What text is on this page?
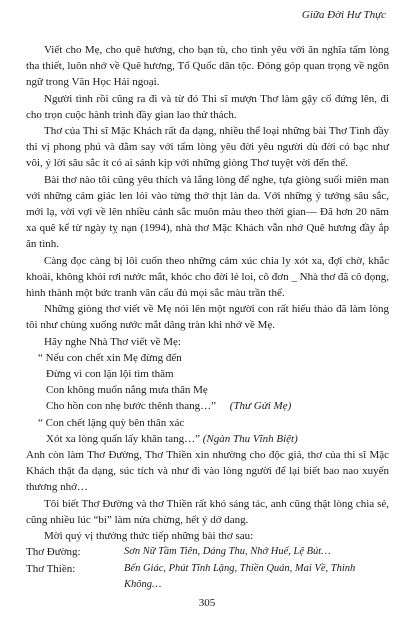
Giữa Đời Hư Thực

Viết cho Mẹ, cho quê hương, cho bạn tù, cho tình yêu với ân nghĩa tấm lòng tha thiết, luôn nhớ về Quê hương, Tổ Quốc dân tộc. Đóng góp quan trọng về ngôn ngữ trong Văn Học Hải ngoại.

Người tình rồi cũng ra đi và từ đó Thi sĩ mượn Thơ làm gậy cố đứng lên, đi cho trọn cuộc hành trình đầy gian lao thử thách.

Thơ của Thi sĩ Mặc Khách rất đa dạng, nhiều thể loại những bài Thơ Tình đầy thi vị phong phú và đằm say với tấm lòng yêu đời yêu người dù đời có bạc như vôi, ý lời sâu sắc ít có ai sánh kịp với những giòng Thơ tuyệt vời đến thế.

Bài thơ nào tôi cũng yêu thích và lắng lòng để nghe, tựa giòng suối miên man với những cảm giác len lỏi vào từng thớ thịt làn da. Với những ý tưởng sâu sắc, mới lạ, vời vợi về lên nhiều cảnh sắc muôn màu theo thời gian— Đã hơn 20 năm xa quê kể từ ngày tỵ nạn (1994), nhà thơ Mặc Khách vẫn nhớ Quê hương đầy ắp ân tình.

Càng đọc càng bị lôi cuốn theo những cảm xúc chia ly xót xa, đợi chờ, khắc khoải, không khỏi rơi nước mắt, khóc cho đời lẻ loi, cô đơn _ Nhà thơ đã cô đọng, hình thành một bức tranh vân cẩu đủ mọi sắc màu trần thế.

Những giòng thơ viết về Mẹ nói lên một người con rất hiếu thảo đã làm lòng tôi như chùng xuống nước mắt dâng tràn khi nhớ về Mẹ.

Hãy nghe Nhà Thơ viết về Mẹ:

“ Nếu con chết xin Mẹ đừng đến

Đừng vì con lặn lội tìm thăm

Con không muốn nắng mưa thân Mẹ

Cho hồn con nhẹ bước thênh thang…” (Thư Gửi Mẹ)

“ Con chết lặng quỳ bên thân xác

Xót xa lòng quấn lấy khăn tang…” (Ngàn Thu Vĩnh Biệt)

Anh còn làm Thơ Đường, Thơ Thiền xin nhường cho độc giả, thơ của thi sĩ Mặc Khách thật đa dạng, súc tích và như đi vào lòng người để lại biết bao nao xuyến thương nhớ…

Tôi biết Thơ Đường và thơ Thiền rất khó sáng tác, anh cũng thật lòng chia sẻ, cũng nhiều lúc “bí” làm nửa chừng, hết ý dở dang.

Mời quý vị thưởng thức tiếp những bài thơ sau:

Thơ Đường:	Sơn Nữ Tầm Tiên, Dáng Thu, Nhớ Huế, Lệ Bút…
Thơ Thiền:	Bến Giác, Phút Tĩnh Lặng, Thiền Quán, Mai Về, Thinh Không…
305
